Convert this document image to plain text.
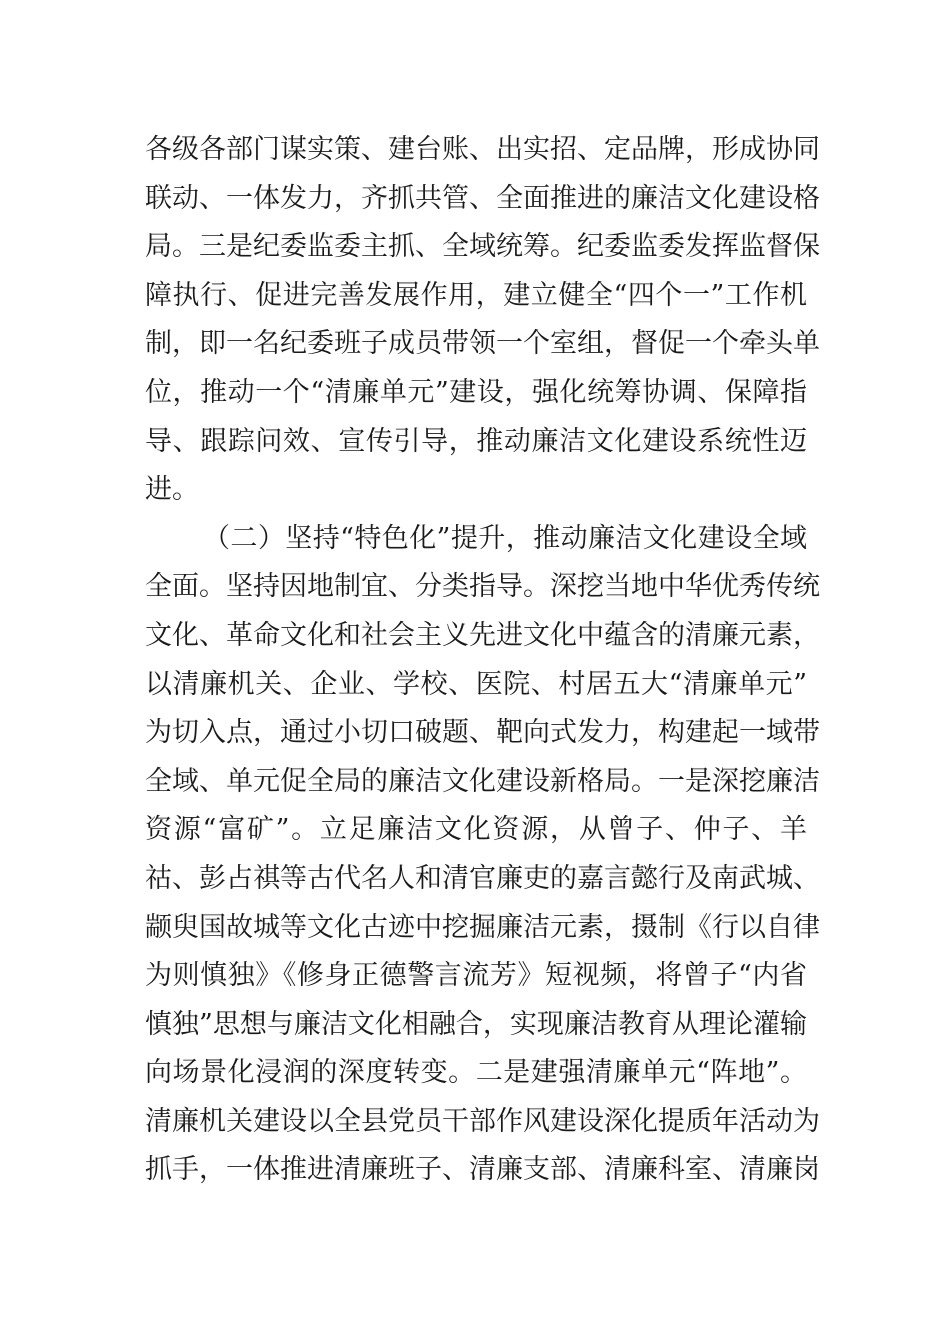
各级各部门谋实策、建台账、出实招、定品牌，形成协同
联动、一体发力，齐抓共管、全面推进的廉洁文化建设格
局。三是纪委监委主抓、全域统筹。纪委监委发挥监督保
障执行、促进完善发展作用，建立健全“四个一”工作机
制，即一名纪委班子成员带领一个室组，督促一个牵头单
位，推动一个“清廉单元”建设，强化统筹协调、保障指
导、跟踪问效、宣传引导，推动廉洁文化建设系统性迈
进。
（二）坚持“特色化”提升，推动廉洁文化建设全域
全面。坚持因地制宜、分类指导。深挖当地中华优秀传统
文化、革命文化和社会主义先进文化中蕴含的清廉元素，
以清廉机关、企业、学校、医院、村居五大“清廉单元”
为切入点，通过小切口破题、靶向式发力，构建起一域带
全域、单元促全局的廉洁文化建设新格局。一是深挖廉洁
资源“富矿”。立足廉洁文化资源，从曾子、仲子、羊
祜、彭占祺等古代名人和清官廉吏的嘉言懿行及南武城、
颛臾国故城等文化古迹中挖掘廉洁元素，摄制《行以自律
为则慎独》《修身正德警言流芳》短视频，将曾子“内省
慎独”思想与廉洁文化相融合，实现廉洁教育从理论灌输
向场景化浸润的深度转变。二是建强清廉单元“阵地”。
清廉机关建设以全县党员干部作风建设深化提质年活动为
抓手，一体推进清廉班子、清廉支部、清廉科室、清廉岗
